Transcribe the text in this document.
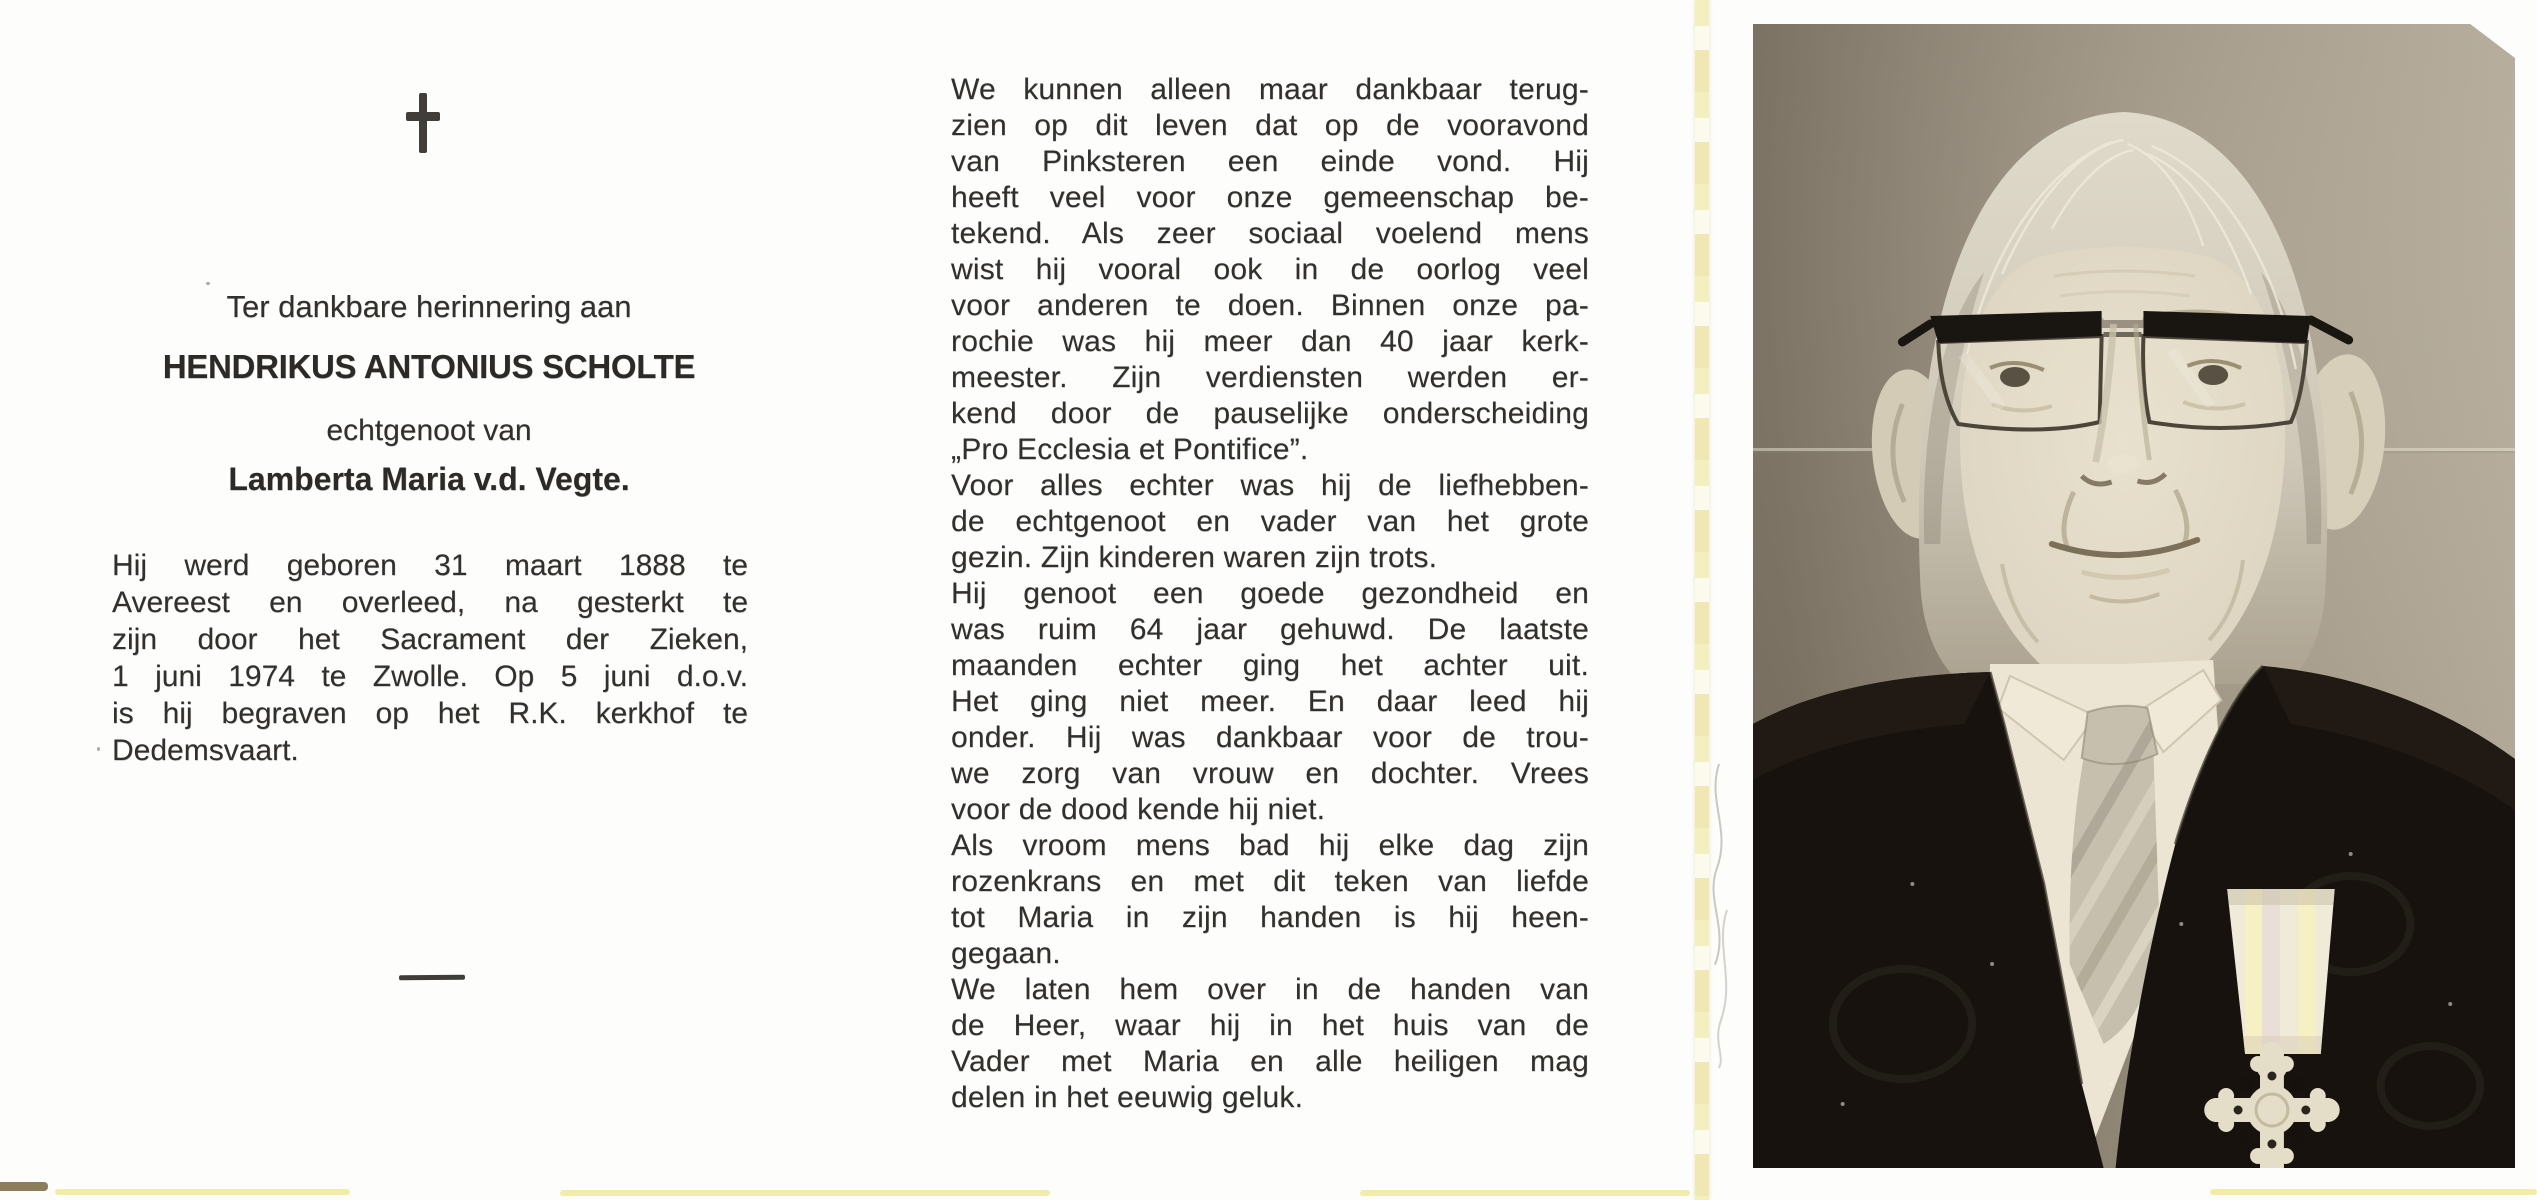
Ter dankbare herinnering aan
HENDRIKUS ANTONIUS SCHOLTE
echtgenoot van
Lamberta Maria v.d. Vegte.
Hij werd geboren 31 maart 1888 te
Avereest en overleed, na gesterkt te
zijn door het Sacrament der Zieken,
1 juni 1974 te Zwolle. Op 5 juni d.o.v.
is hij begraven op het R.K. kerkhof te
Dedemsvaart.
We kunnen alleen maar dankbaar terug-
zien op dit leven dat op de vooravond
van Pinksteren een einde vond. Hij
heeft veel voor onze gemeenschap be-
tekend. Als zeer sociaal voelend mens
wist hij vooral ook in de oorlog veel
voor anderen te doen. Binnen onze pa-
rochie was hij meer dan 40 jaar kerk-
meester. Zijn verdiensten werden er-
kend door de pauselijke onderscheiding
„Pro Ecclesia et Pontifice”.
Voor alles echter was hij de liefhebben-
de echtgenoot en vader van het grote
gezin. Zijn kinderen waren zijn trots.
Hij genoot een goede gezondheid en
was ruim 64 jaar gehuwd. De laatste
maanden echter ging het achter uit.
Het ging niet meer. En daar leed hij
onder. Hij was dankbaar voor de trou-
we zorg van vrouw en dochter. Vrees
voor de dood kende hij niet.
Als vroom mens bad hij elke dag zijn
rozenkrans en met dit teken van liefde
tot Maria in zijn handen is hij heen-
gegaan.
We laten hem over in de handen van
de Heer, waar hij in het huis van de
Vader met Maria en alle heiligen mag
delen in het eeuwig geluk.
